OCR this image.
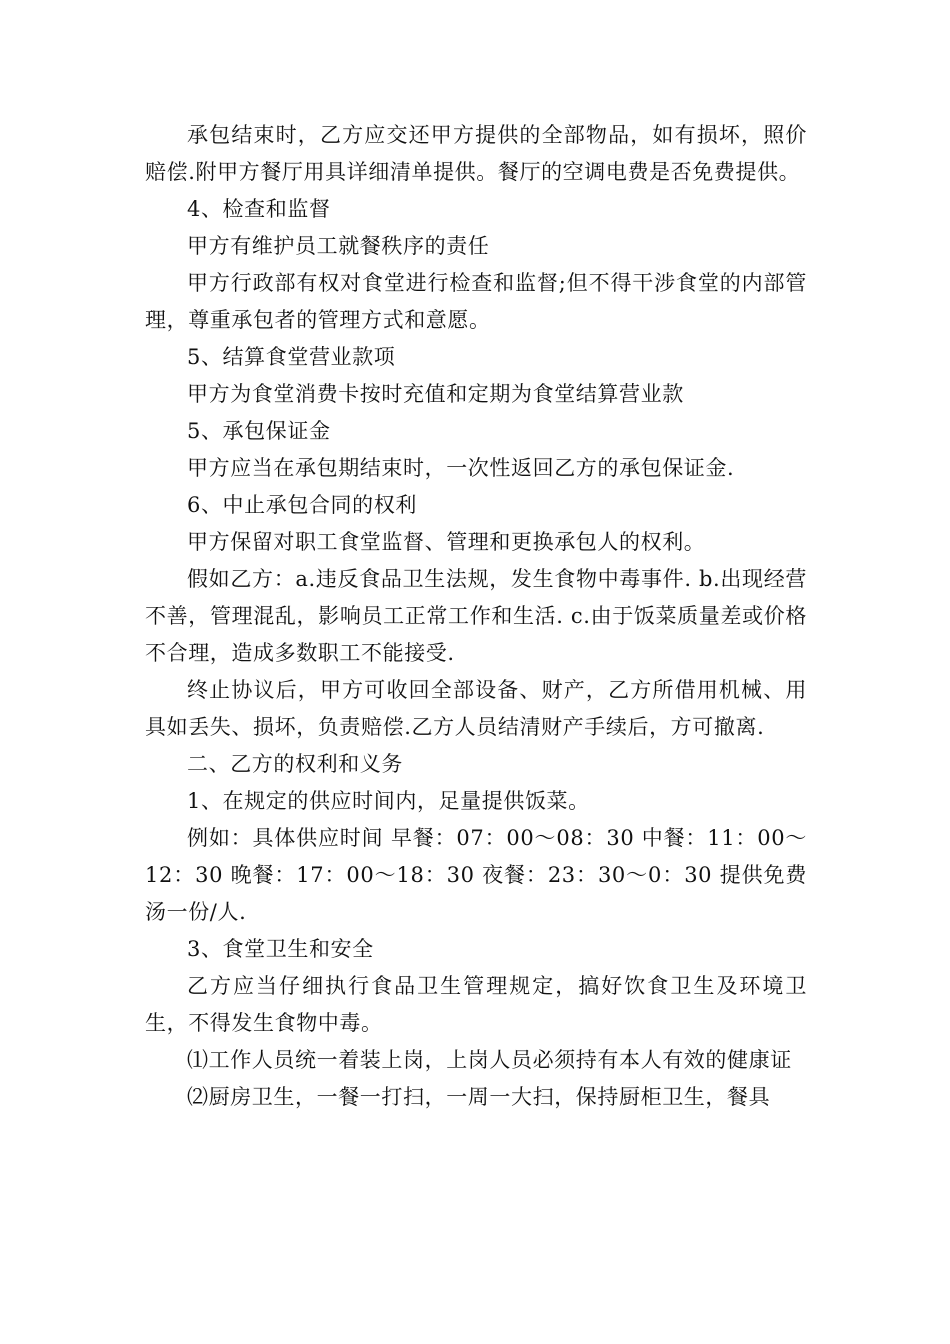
承包结束时，乙方应交还甲方提供的全部物品，如有损坏，照价赔偿.附甲方餐厅用具详细清单提供。餐厅的空调电费是否免费提供。

4、检查和监督

甲方有维护员工就餐秩序的责任

甲方行政部有权对食堂进行检查和监督;但不得干涉食堂的内部管理，尊重承包者的管理方式和意愿。

5、结算食堂营业款项

甲方为食堂消费卡按时充值和定期为食堂结算营业款

5、承包保证金

甲方应当在承包期结束时，一次性返回乙方的承包保证金.

6、中止承包合同的权利

甲方保留对职工食堂监督、管理和更换承包人的权利。

假如乙方：a.违反食品卫生法规，发生食物中毒事件. b.出现经营不善，管理混乱，影响员工正常工作和生活. c.由于饭菜质量差或价格不合理，造成多数职工不能接受.

终止协议后，甲方可收回全部设备、财产，乙方所借用机械、用具如丢失、损坏，负责赔偿.乙方人员结清财产手续后，方可撤离.

二、乙方的权利和义务

1、在规定的供应时间内，足量提供饭菜。

例如：具体供应时间 早餐：07：00～08：30 中餐：11：00～12：30 晚餐：17：00～18：30 夜餐：23：30～0：30 提供免费汤一份/人.

3、食堂卫生和安全

乙方应当仔细执行食品卫生管理规定，搞好饮食卫生及环境卫生，不得发生食物中毒。

⑴工作人员统一着装上岗，上岗人员必须持有本人有效的健康证

⑵厨房卫生，一餐一打扫，一周一大扫，保持厨柜卫生，餐具
